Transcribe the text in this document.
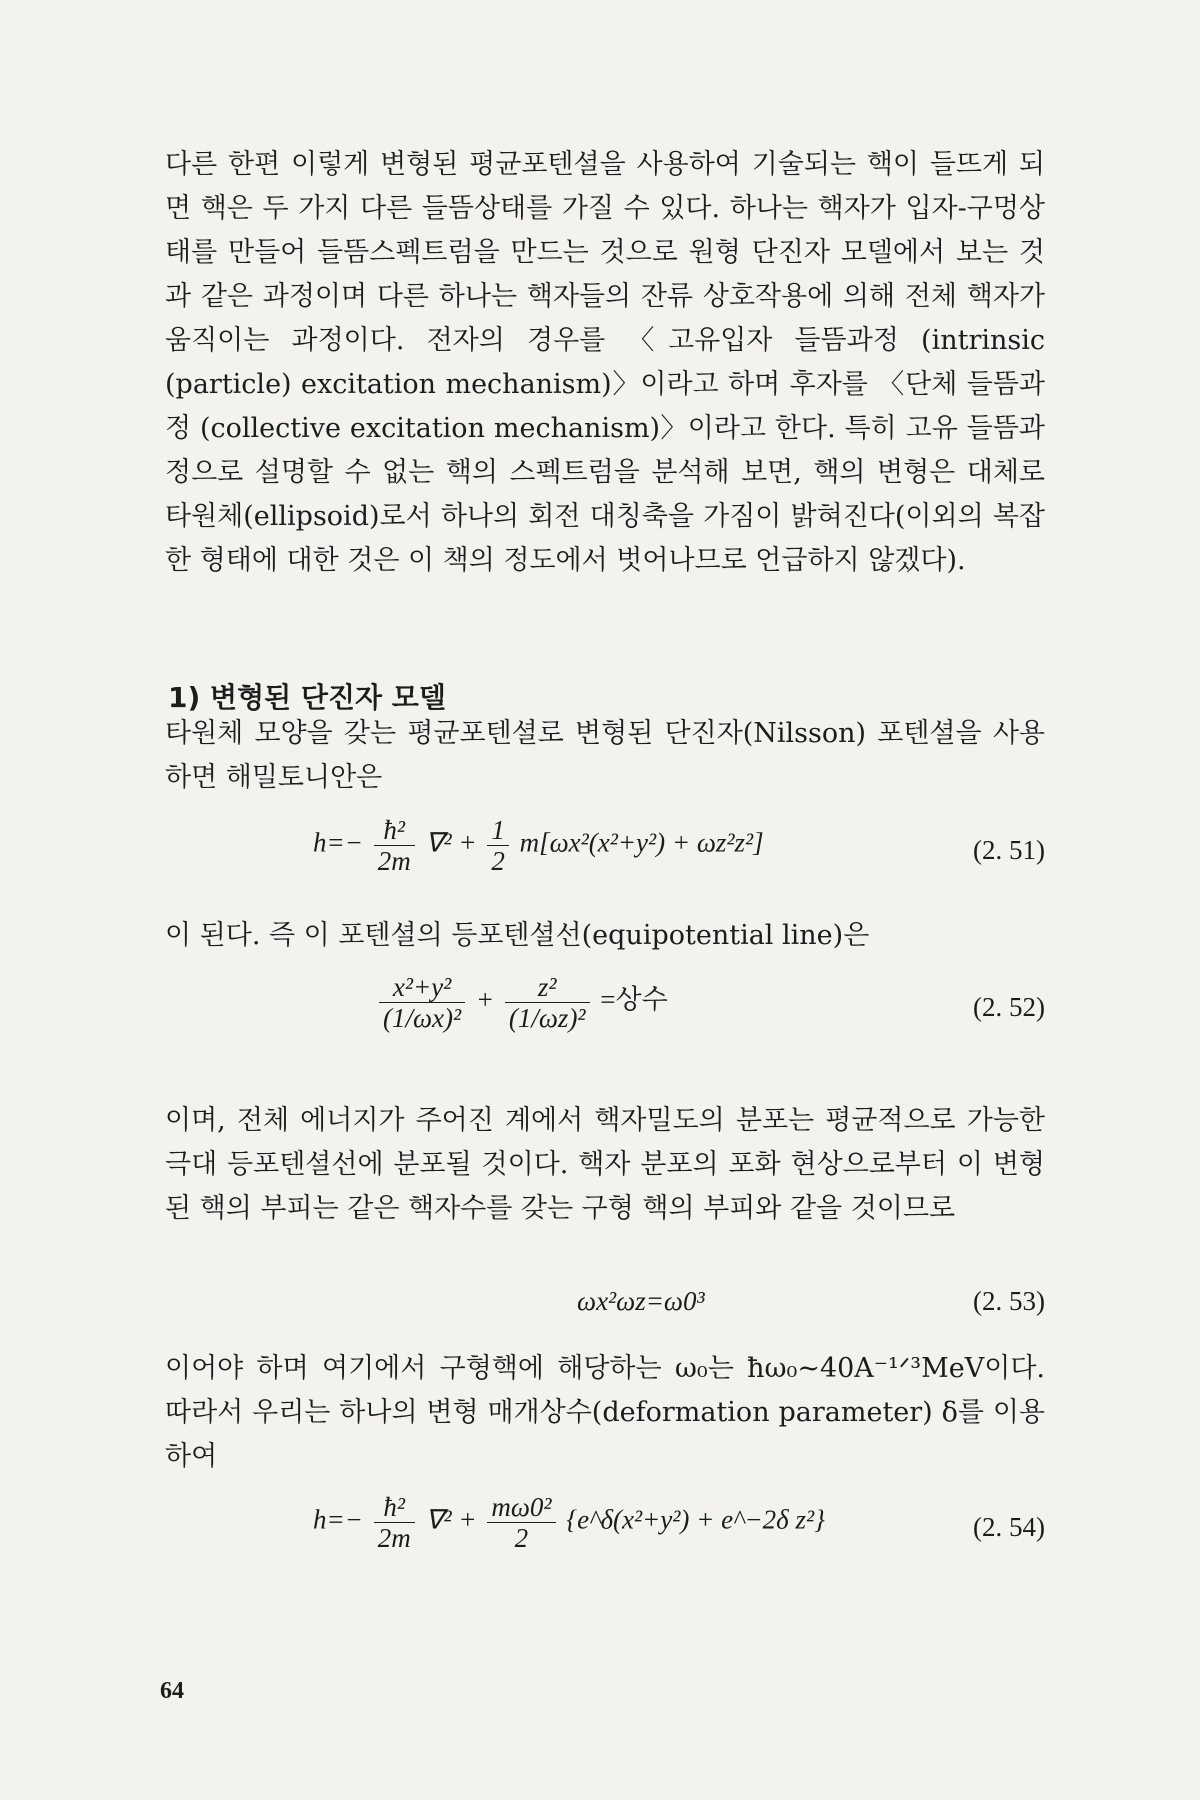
다른 한편 이렇게 변형된 평균포텐셜을 사용하여 기술되는 핵이 들뜨게 되면 핵은 두 가지 다른 들뜸상태를 가질 수 있다. 하나는 핵자가 입자-구멍상태를 만들어 들뜸스펙트럼을 만드는 것으로 원형 단진자 모델에서 보는 것과 같은 과정이며 다른 하나는 핵자들의 잔류 상호작용에 의해 전체 핵자가 움직이는 과정이다. 전자의 경우를 〈고유입자 들뜸과정 (intrinsic (particle) excitation mechanism)〉이라고 하며 후자를 〈단체 들뜸과정 (collective excitation mechanism)〉이라고 한다. 특히 고유 들뜸과정으로 설명할 수 없는 핵의 스펙트럼을 분석해 보면, 핵의 변형은 대체로 타원체(ellipsoid)로서 하나의 회전 대칭축을 가짐이 밝혀진다(이외의 복잡한 형태에 대한 것은 이 책의 정도에서 벗어나므로 언급하지 않겠다).

1) 변형된 단진자 모델

타원체 모양을 갖는 평균포텐셜로 변형된 단진자(Nilsson) 포텐셜을 사용하면 해밀토니안은

$h=- \frac{\text{ħ²}}{2m} \nabla^2 + \frac{1}{2} m[\omega x^2(x^2+y^2) + \omega z^2z^2]$	(2. 51)

이 된다. 즉 이 포텐셜의 등포텐셜선(equipotential line)은

$\frac{\text{x²+y²}}{\text{(1/ωx)²}} + \frac{\text{z²}}{\text{(1/ωz)²}}$ =상수	(2. 52)

이며, 전체 에너지가 주어진 계에서 핵자밀도의 분포는 평균적으로 가능한 극대 등포텐셜선에 분포될 것이다. 핵자 분포의 포화 현상으로부터 이 변형된 핵의 부피는 같은 핵자수를 갖는 구형 핵의 부피와 같을 것이므로

ωx²ωz=ω0³	(2. 53)

이어야 하며 여기에서 구형핵에 해당하는 ω₀는 ħω₀~40A⁻¹ᐟ³MeV이다. 따라서 우리는 하나의 변형 매개상수(deformation parameter) δ를 이용하여

$h=- \frac{\text{ħ²}}{2m} \nabla^2 + \frac{\text{mω0²}}{2}$ {e^δ(x²+y²) + e^−2δ z²}	(2. 54)
64
